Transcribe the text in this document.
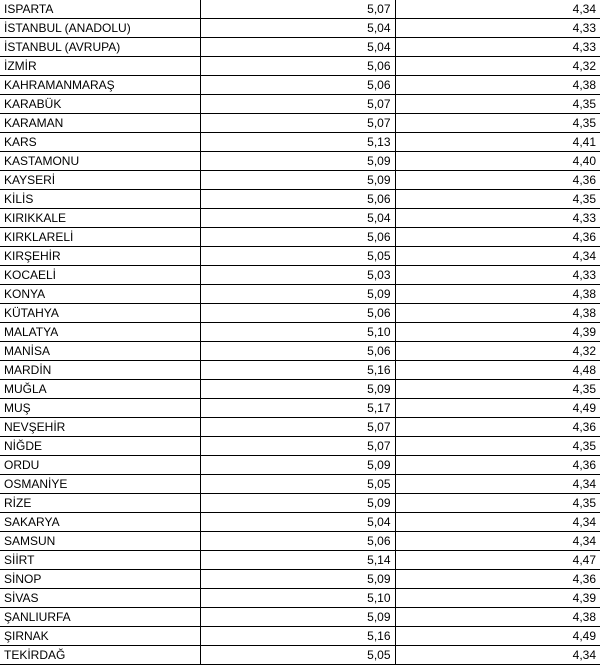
ISPARTA	5,07	4,34
İSTANBUL (ANADOLU)	5,04	4,33
İSTANBUL (AVRUPA)	5,04	4,33
İZMİR	5,06	4,32
KAHRAMANMARAŞ	5,06	4,38
KARABÜK	5,07	4,35
KARAMAN	5,07	4,35
KARS	5,13	4,41
KASTAMONU	5,09	4,40
KAYSERİ	5,09	4,36
KİLİS	5,06	4,35
KIRIKKALE	5,04	4,33
KIRKLARELİ	5,06	4,36
KIRŞEHİR	5,05	4,34
KOCAELİ	5,03	4,33
KONYA	5,09	4,38
KÜTAHYA	5,06	4,38
MALATYA	5,10	4,39
MANİSA	5,06	4,32
MARDİN	5,16	4,48
MUĞLA	5,09	4,35
MUŞ	5,17	4,49
NEVŞEHİR	5,07	4,36
NİĞDE	5,07	4,35
ORDU	5,09	4,36
OSMANİYE	5,05	4,34
RİZE	5,09	4,35
SAKARYA	5,04	4,34
SAMSUN	5,06	4,34
SİİRT	5,14	4,47
SİNOP	5,09	4,36
SİVAS	5,10	4,39
ŞANLIURFA	5,09	4,38
ŞIRNAK	5,16	4,49
TEKİRDAĞ	5,05	4,34
